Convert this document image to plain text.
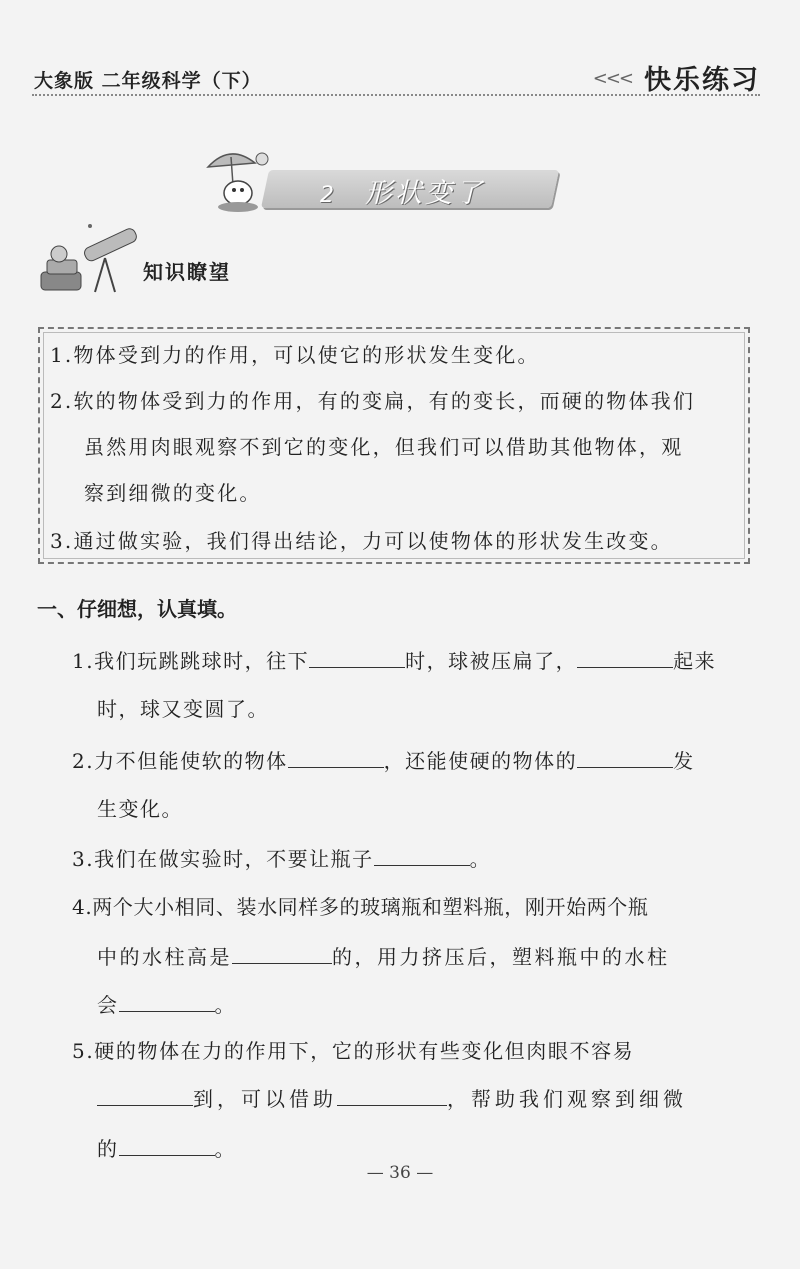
大象版 二年级科学（下）	<<< 快乐练习
2 形状变了
知识瞭望
1.物体受到力的作用，可以使它的形状发生变化。
2.软的物体受到力的作用，有的变扁，有的变长，而硬的物体我们
虽然用肉眼观察不到它的变化，但我们可以借助其他物体，观
察到细微的变化。
3.通过做实验，我们得出结论，力可以使物体的形状发生改变。
一、仔细想，认真填。
1.我们玩跳跳球时，往下	时，球被压扁了，	起来
时，球又变圆了。
2.力不但能使软的物体	，还能使硬的物体的	发
生变化。
3.我们在做实验时，不要让瓶子	。
4.两个大小相同、装水同样多的玻璃瓶和塑料瓶，刚开始两个瓶
中的水柱高是	的，用力挤压后，塑料瓶中的水柱
会	。
5.硬的物体在力的作用下，它的形状有些变化但肉眼不容易
到，可以借助	，帮助我们观察到细微
的	。
— 36 —
